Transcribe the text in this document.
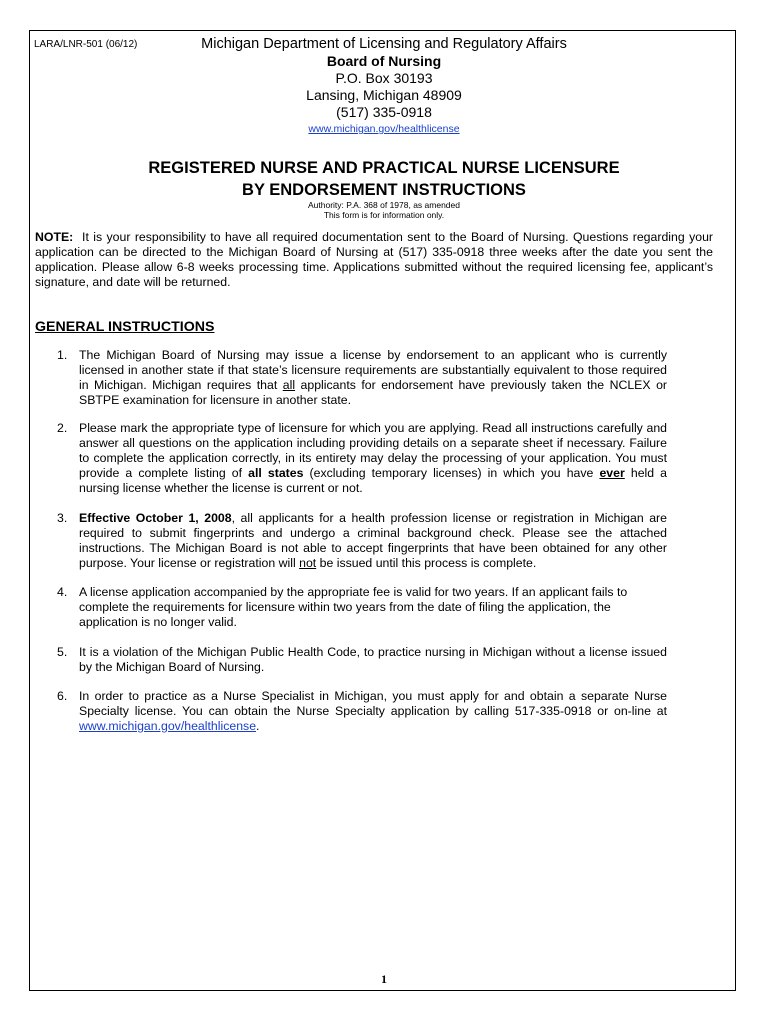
LARA/LNR-501 (06/12)	Michigan Department of Licensing and Regulatory Affairs
Board of Nursing
P.O. Box 30193
Lansing, Michigan 48909
(517) 335-0918
www.michigan.gov/healthlicense
REGISTERED NURSE AND PRACTICAL NURSE LICENSURE
BY ENDORSEMENT INSTRUCTIONS
Authority: P.A. 368 of 1978, as amended
This form is for information only.
NOTE: It is your responsibility to have all required documentation sent to the Board of Nursing. Questions regarding your application can be directed to the Michigan Board of Nursing at (517) 335-0918 three weeks after the date you sent the application. Please allow 6-8 weeks processing time. Applications submitted without the required licensing fee, applicant’s signature, and date will be returned.
GENERAL INSTRUCTIONS
1. The Michigan Board of Nursing may issue a license by endorsement to an applicant who is currently licensed in another state if that state’s licensure requirements are substantially equivalent to those required in Michigan. Michigan requires that all applicants for endorsement have previously taken the NCLEX or SBTPE examination for licensure in another state.
2. Please mark the appropriate type of licensure for which you are applying. Read all instructions carefully and answer all questions on the application including providing details on a separate sheet if necessary. Failure to complete the application correctly, in its entirety may delay the processing of your application. You must provide a complete listing of all states (excluding temporary licenses) in which you have ever held a nursing license whether the license is current or not.
3. Effective October 1, 2008, all applicants for a health profession license or registration in Michigan are required to submit fingerprints and undergo a criminal background check. Please see the attached instructions. The Michigan Board is not able to accept fingerprints that have been obtained for any other purpose. Your license or registration will not be issued until this process is complete.
4. A license application accompanied by the appropriate fee is valid for two years. If an applicant fails to complete the requirements for licensure within two years from the date of filing the application, the application is no longer valid.
5. It is a violation of the Michigan Public Health Code, to practice nursing in Michigan without a license issued by the Michigan Board of Nursing.
6. In order to practice as a Nurse Specialist in Michigan, you must apply for and obtain a separate Nurse Specialty license. You can obtain the Nurse Specialty application by calling 517-335-0918 or on-line at www.michigan.gov/healthlicense.
1
